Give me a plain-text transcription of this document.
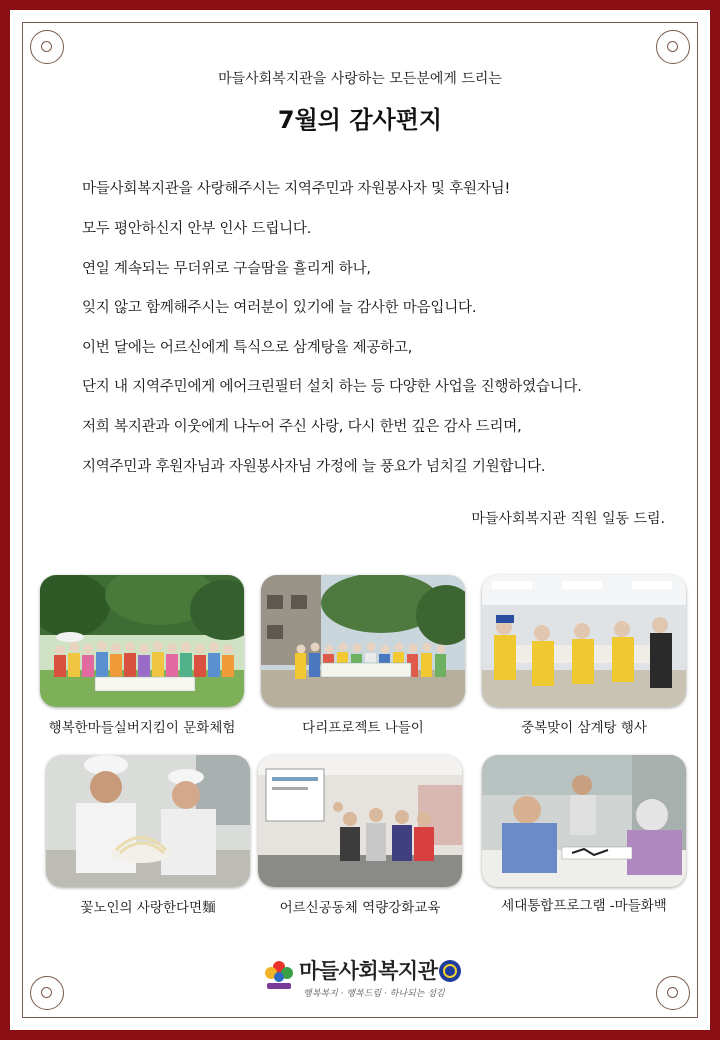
마들사회복지관을 사랑하는 모든분에게 드리는
7월의 감사편지
마들사회복지관을 사랑해주시는 지역주민과 자원봉사자 및 후원자님!
모두 평안하신지 안부 인사 드립니다.
연일 계속되는 무더위로 구슬땀을 흘리게 하나,
잊지 않고 함께해주시는 여러분이 있기에 늘 감사한 마음입니다.
이번 달에는 어르신에게 특식으로 삼계탕을 제공하고,
단지 내 지역주민에게 에어크린필터 설치 하는 등 다양한 사업을 진행하였습니다.
저희 복지관과 이웃에게 나누어 주신 사랑, 다시 한번 깊은 감사 드리며,
지역주민과 후원자님과 자원봉사자님 가정에 늘 풍요가 넘치길 기원합니다.
마들사회복지관 직원 일동 드림.
행복한마들실버지킴이 문화체험	다리프로젝트 나들이	중복맞이 삼계탕 행사
꽃노인의 사랑한다면麵	어르신공동체 역량강화교육	세대통합프로그램 -마들화백
마들사회복지관
행복복지 · 행복드림 · 하나되는 섬김
